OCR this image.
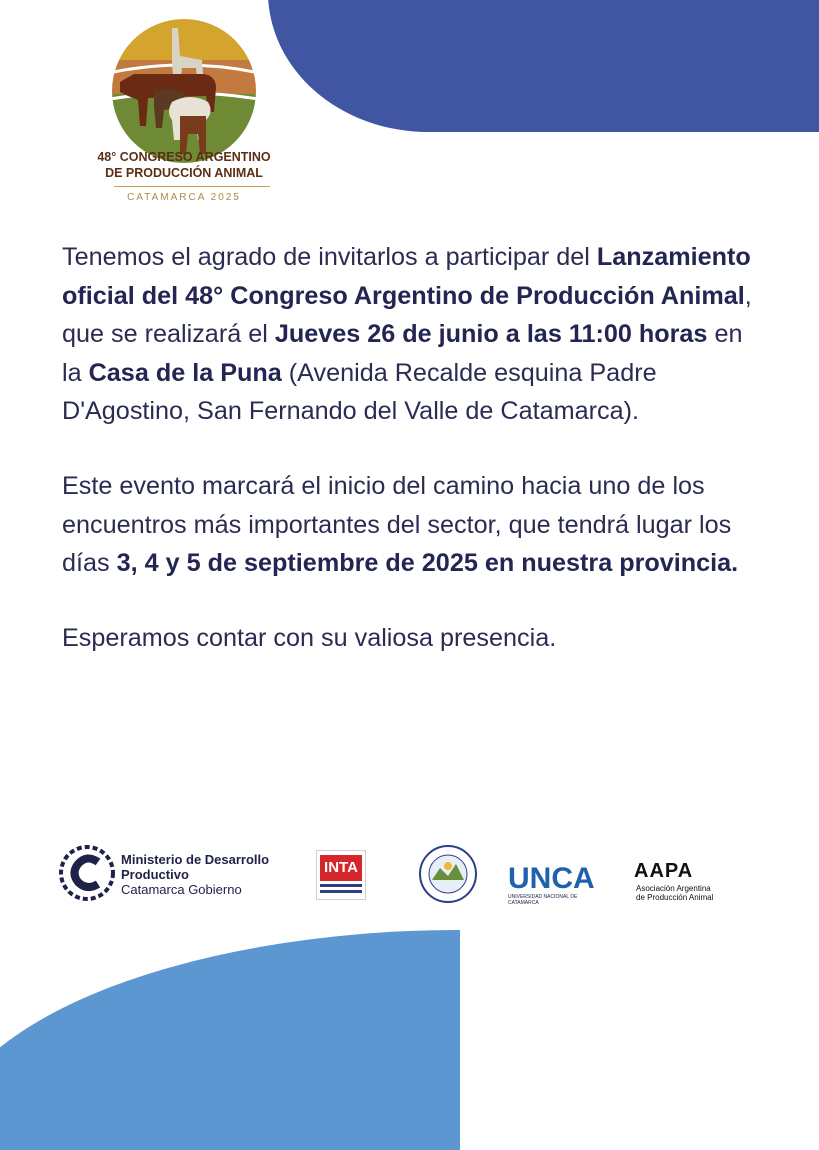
48° CONGRESO ARGENTINO
DE PRODUCCIÓN ANIMAL
CATAMARCA 2025

Tenemos el agrado de invitarlos a participar del Lanzamiento oficial del 48° Congreso Argentino de Producción Animal, que se realizará el Jueves 26 de junio a las 11:00 horas en la Casa de la Puna (Avenida Recalde esquina Padre D'Agostino, San Fernando del Valle de Catamarca).

Este evento marcará el inicio del camino hacia uno de los encuentros más importantes del sector, que tendrá lugar los días 3, 4 y 5 de septiembre de 2025 en nuestra provincia.

Esperamos contar con su valiosa presencia.

Ministerio de Desarrollo
Productivo
Catamarca Gobierno
INTA	UNCA
UNIVERSIDAD NACIONAL DE CATAMARCA
AAPA
Asociación Argentina
de Producción Animal
